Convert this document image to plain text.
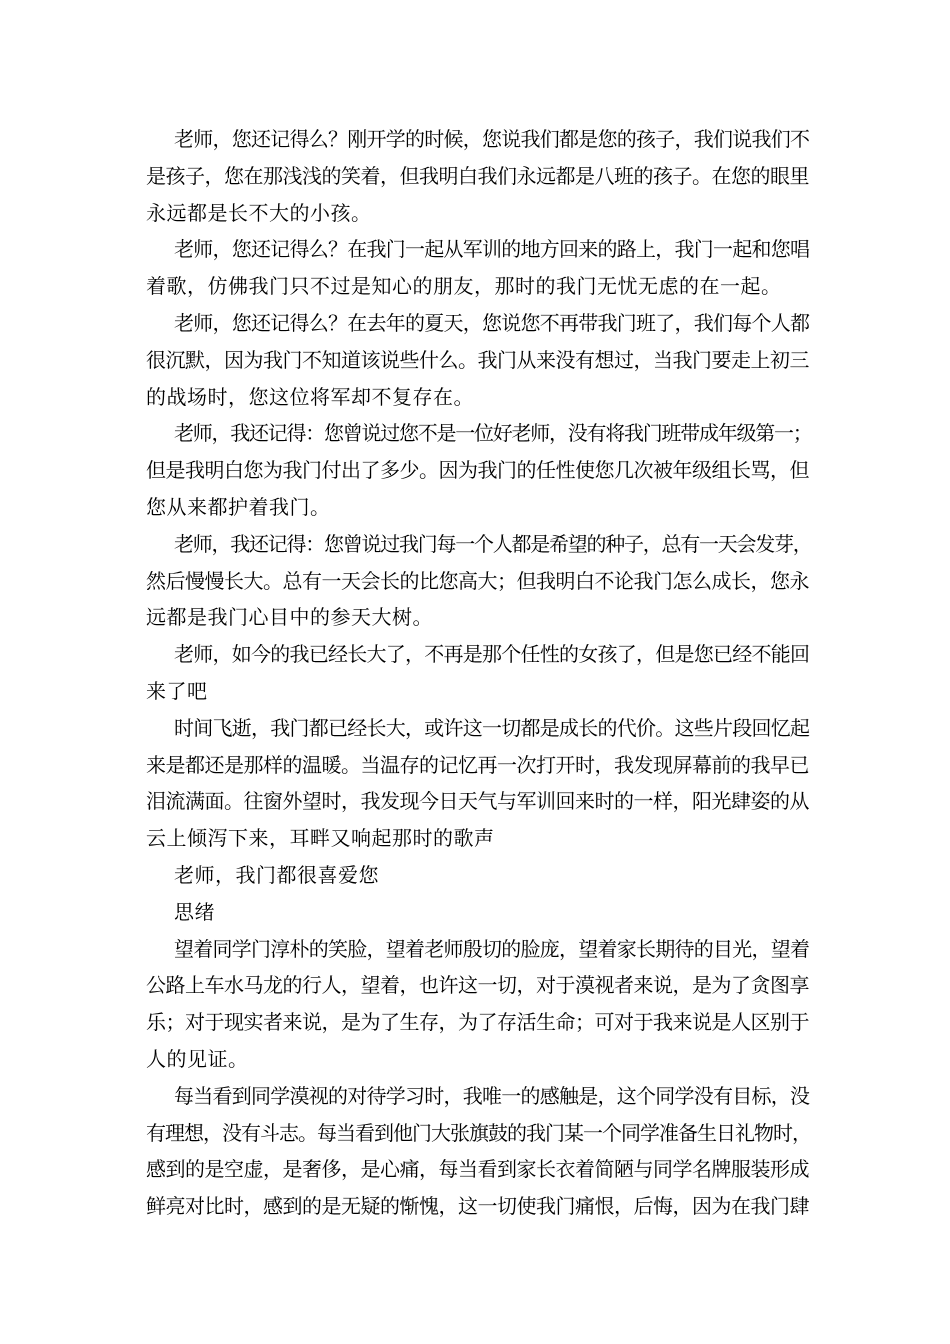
老师，您还记得么？刚开学的时候，您说我们都是您的孩子，我们说我们不
是孩子，您在那浅浅的笑着，但我明白我们永远都是八班的孩子。在您的眼里
永远都是长不大的小孩。
老师，您还记得么？在我门一起从军训的地方回来的路上，我门一起和您唱
着歌，仿佛我门只不过是知心的朋友，那时的我门无忧无虑的在一起。
老师，您还记得么？在去年的夏天，您说您不再带我门班了，我们每个人都
很沉默，因为我门不知道该说些什么。我门从来没有想过，当我门要走上初三
的战场时，您这位将军却不复存在。
老师，我还记得：您曾说过您不是一位好老师，没有将我门班带成年级第一；
但是我明白您为我门付出了多少。因为我门的任性使您几次被年级组长骂，但
您从来都护着我门。
老师，我还记得：您曾说过我门每一个人都是希望的种子，总有一天会发芽，
然后慢慢长大。总有一天会长的比您高大；但我明白不论我门怎么成长，您永
远都是我门心目中的参天大树。
老师，如今的我已经长大了，不再是那个任性的女孩了，但是您已经不能回
来了吧
时间飞逝，我门都已经长大，或许这一切都是成长的代价。这些片段回忆起
来是都还是那样的温暖。当温存的记忆再一次打开时，我发现屏幕前的我早已
泪流满面。往窗外望时，我发现今日天气与军训回来时的一样，阳光肆姿的从
云上倾泻下来，耳畔又响起那时的歌声
老师，我门都很喜爱您
思绪
望着同学门淳朴的笑脸，望着老师殷切的脸庞，望着家长期待的目光，望着
公路上车水马龙的行人，望着，也许这一切，对于漠视者来说，是为了贪图享
乐；对于现实者来说，是为了生存，为了存活生命；可对于我来说是人区别于
人的见证。
每当看到同学漠视的对待学习时，我唯一的感触是，这个同学没有目标，没
有理想，没有斗志。每当看到他门大张旗鼓的我门某一个同学准备生日礼物时，
感到的是空虚，是奢侈，是心痛，每当看到家长衣着简陋与同学名牌服装形成
鲜亮对比时，感到的是无疑的惭愧，这一切使我门痛恨，后悔，因为在我门肆
